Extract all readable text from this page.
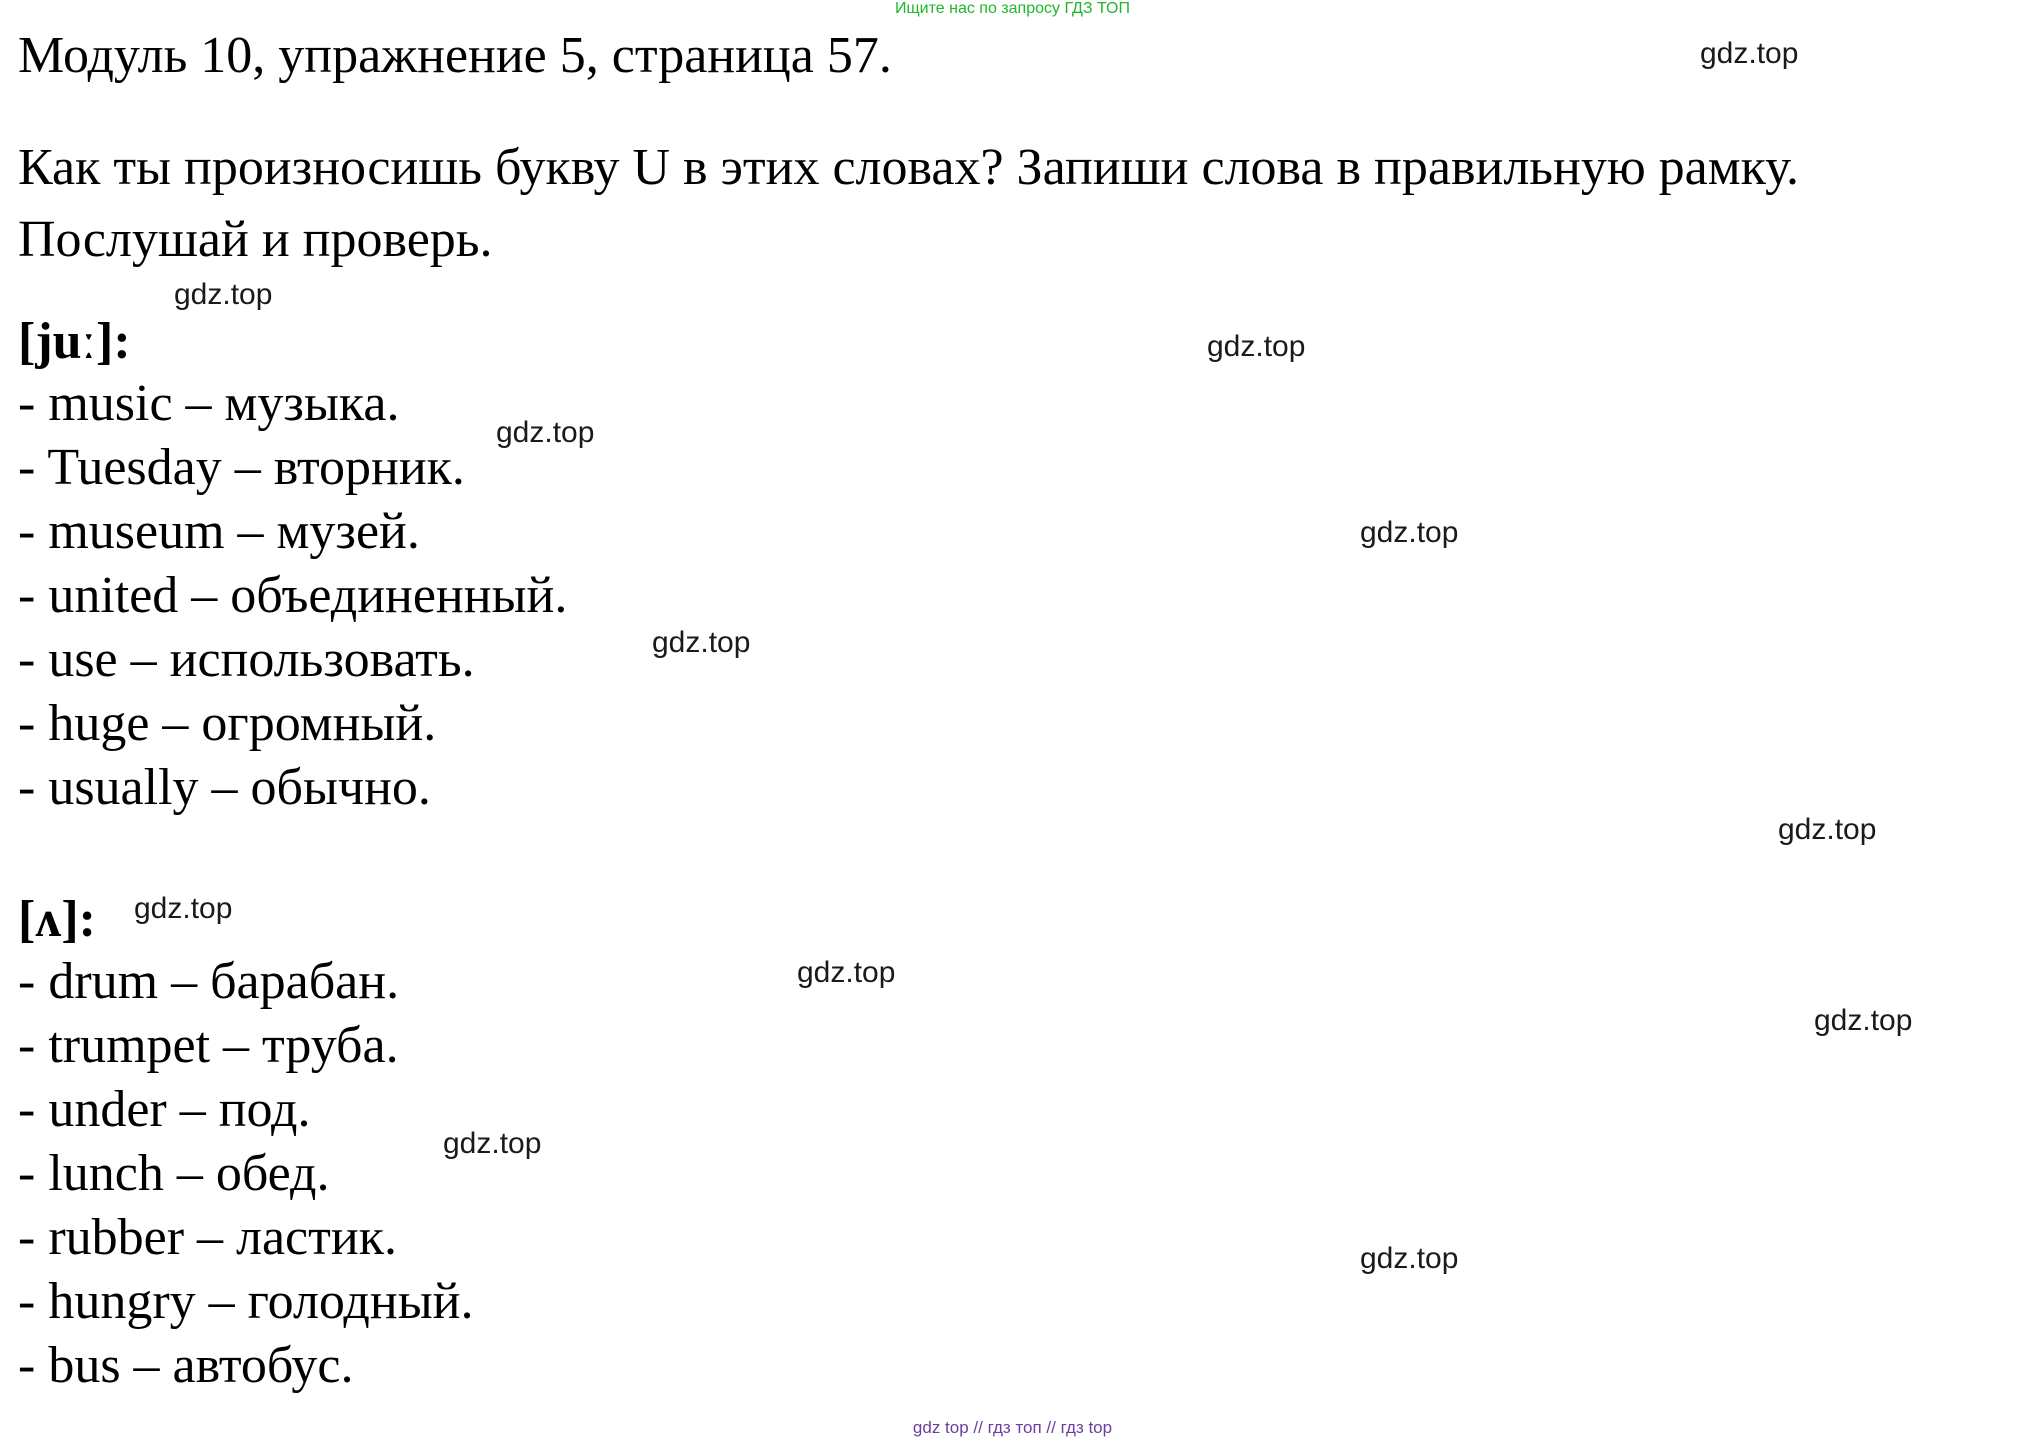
Ищите нас по запросу ГДЗ ТОП
Модуль 10, упражнение 5, страница 57.
Как ты произносишь букву U в этих словах? Запиши слова в правильную рамку.
Послушай и проверь.
[juː]:
- music – музыка.
- Tuesday – вторник.
- museum – музей.
- united – объединенный.
- use – использовать.
- huge – огромный.
- usually – обычно.
[ʌ]:
- drum – барабан.
- trumpet – труба.
- under – под.
- lunch – обед.
- rubber – ластик.
- hungry – голодный.
- bus – автобус.
gdz.top
gdz.top
gdz.top
gdz.top
gdz.top
gdz.top
gdz.top
gdz.top
gdz.top
gdz.top
gdz.top
gdz.top
gdz top // гдз топ // гдз top
